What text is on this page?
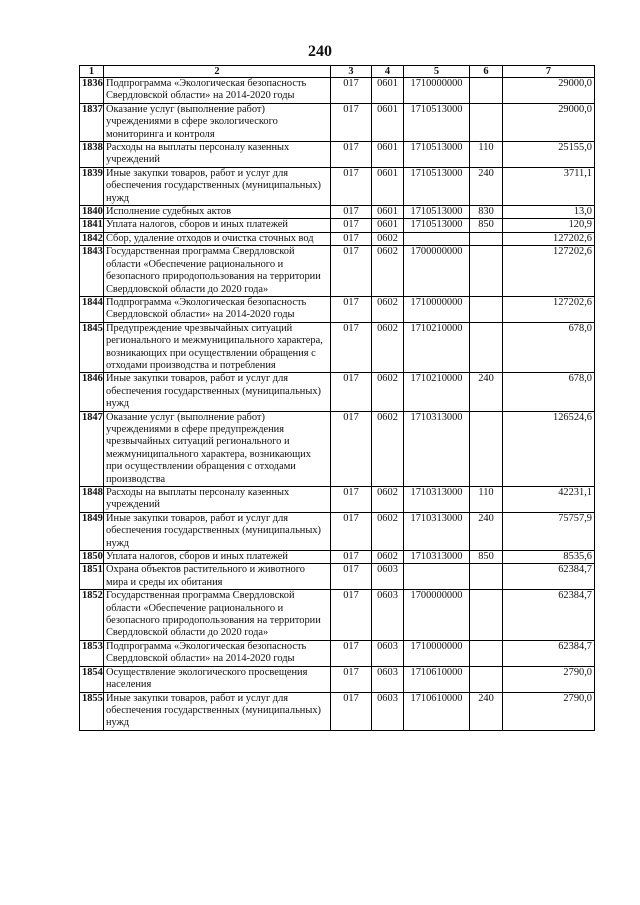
240
1	2	3	4	5	6	7
1836	Подпрограмма «Экологическая безопасность Свердловской области» на 2014-2020 годы	017	0601	1710000000		29000,0
1837	Оказание услуг (выполнение работ) учреждениями в сфере экологического мониторинга и контроля	017	0601	1710513000		29000,0
1838	Расходы на выплаты персоналу казенных учреждений	017	0601	1710513000	110	25155,0
1839	Иные закупки товаров, работ и услуг для обеспечения государственных (муниципальных) нужд	017	0601	1710513000	240	3711,1
1840	Исполнение судебных актов	017	0601	1710513000	830	13,0
1841	Уплата налогов, сборов и иных платежей	017	0601	1710513000	850	120,9
1842	Сбор, удаление отходов и очистка сточных вод	017	0602			127202,6
1843	Государственная программа Свердловской области «Обеспечение рационального и безопасного природопользования на территории Свердловской области до 2020 года»	017	0602	1700000000		127202,6
1844	Подпрограмма «Экологическая безопасность Свердловской области» на 2014-2020 годы	017	0602	1710000000		127202,6
1845	Предупреждение чрезвычайных ситуаций регионального и межмуниципального характера, возникающих при осуществлении обращения с отходами производства и потребления	017	0602	1710210000		678,0
1846	Иные закупки товаров, работ и услуг для обеспечения государственных (муниципальных) нужд	017	0602	1710210000	240	678,0
1847	Оказание услуг (выполнение работ) учреждениями в сфере предупреждения чрезвычайных ситуаций регионального и межмуниципального характера, возникающих при осуществлении обращения с отходами производства	017	0602	1710313000		126524,6
1848	Расходы на выплаты персоналу казенных учреждений	017	0602	1710313000	110	42231,1
1849	Иные закупки товаров, работ и услуг для обеспечения государственных (муниципальных) нужд	017	0602	1710313000	240	75757,9
1850	Уплата налогов, сборов и иных платежей	017	0602	1710313000	850	8535,6
1851	Охрана объектов растительного и животного мира и среды их обитания	017	0603			62384,7
1852	Государственная программа Свердловской области «Обеспечение рационального и безопасного природопользования на территории Свердловской области до 2020 года»	017	0603	1700000000		62384,7
1853	Подпрограмма «Экологическая безопасность Свердловской области» на 2014-2020 годы	017	0603	1710000000		62384,7
1854	Осуществление экологического просвещения населения	017	0603	1710610000		2790,0
1855	Иные закупки товаров, работ и услуг для обеспечения государственных (муниципальных) нужд	017	0603	1710610000	240	2790,0
